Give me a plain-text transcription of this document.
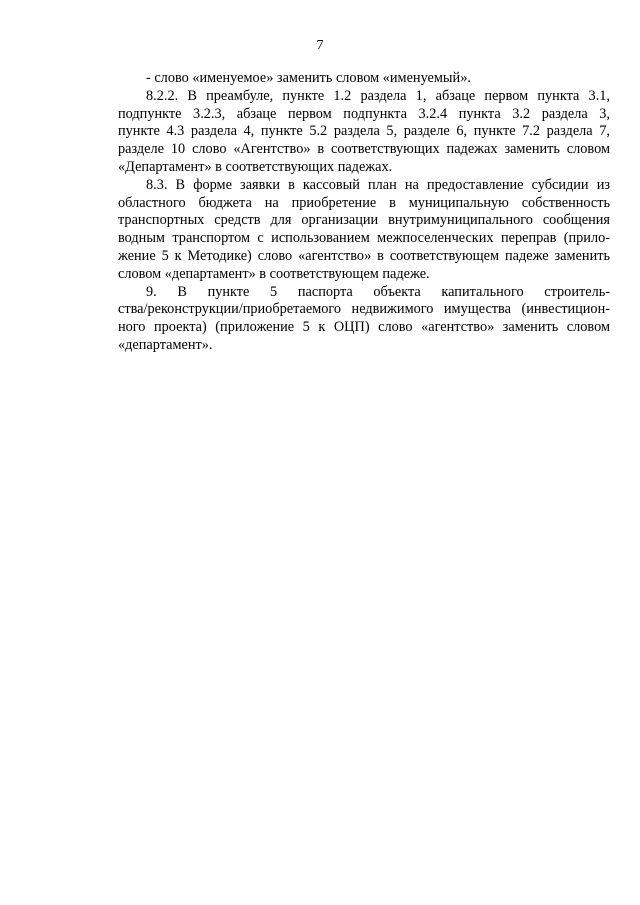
7

- слово «именуемое» заменить словом «именуемый».

8.2.2. В преамбуле, пункте 1.2 раздела 1, абзаце первом пункта 3.1,
подпункте 3.2.3, абзаце первом подпункта 3.2.4 пункта 3.2 раздела 3,
пункте 4.3 раздела 4, пункте 5.2 раздела 5, разделе 6, пункте 7.2 раздела 7,
разделе 10 слово «Агентство» в соответствующих падежах заменить словом
«Департамент» в соответствующих падежах.

8.3. В форме заявки в кассовый план на предоставление субсидии из
областного бюджета на приобретение в муниципальную собственность
транспортных средств для организации внутримуниципального сообщения
водным транспортом с использованием межпоселенческих переправ (прило-
жение 5 к Методике) слово «агентство» в соответствующем падеже заменить
словом «департамент» в соответствующем падеже.

9. В пункте 5 паспорта объекта капитального строитель-
ства/реконструкции/приобретаемого недвижимого имущества (инвестицион-
ного проекта) (приложение 5 к ОЦП) слово «агентство» заменить словом
«департамент».
